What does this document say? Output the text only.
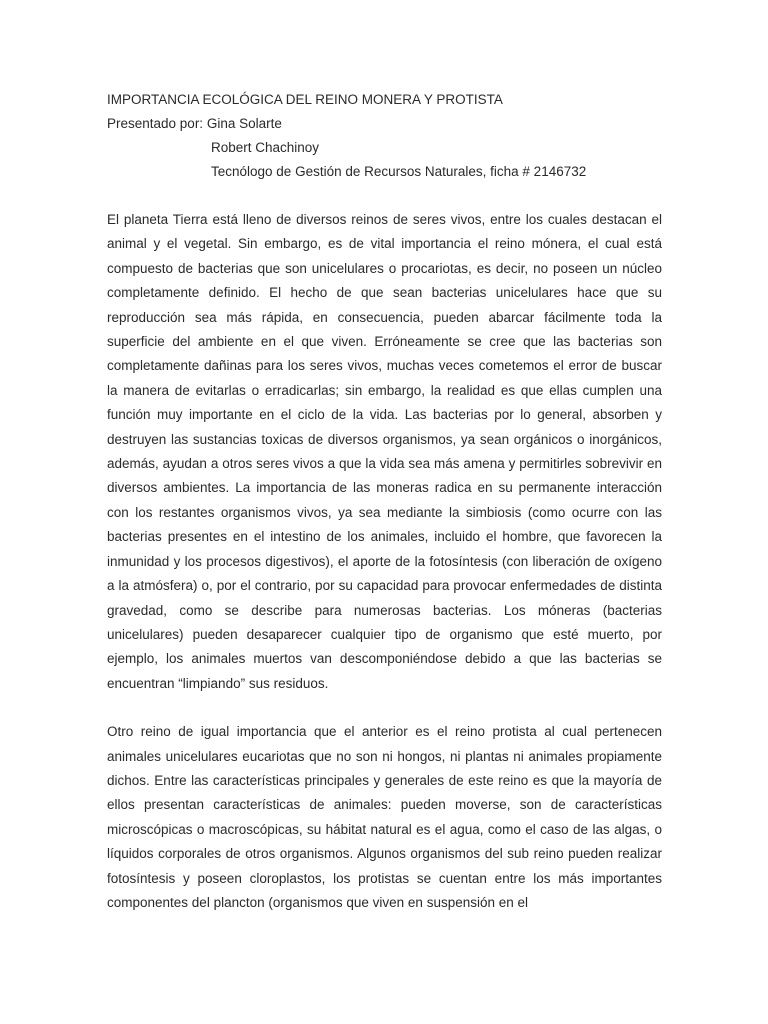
IMPORTANCIA ECOLÓGICA DEL REINO MONERA Y PROTISTA
Presentado por: Gina Solarte
Robert Chachinoy
Tecnólogo de Gestión de Recursos Naturales, ficha # 2146732

El planeta Tierra está lleno de diversos reinos de seres vivos, entre los cuales destacan el animal y el vegetal. Sin embargo, es de vital importancia el reino mónera, el cual está compuesto de bacterias que son unicelulares o procariotas, es decir, no poseen un núcleo completamente definido. El hecho de que sean bacterias unicelulares hace que su reproducción sea más rápida, en consecuencia, pueden abarcar fácilmente toda la superficie del ambiente en el que viven. Erróneamente se cree que las bacterias son completamente dañinas para los seres vivos, muchas veces cometemos el error de buscar la manera de evitarlas o erradicarlas; sin embargo, la realidad es que ellas cumplen una función muy importante en el ciclo de la vida. Las bacterias por lo general, absorben y destruyen las sustancias toxicas de diversos organismos, ya sean orgánicos o inorgánicos, además, ayudan a otros seres vivos a que la vida sea más amena y permitirles sobrevivir en diversos ambientes. La importancia de las moneras radica en su permanente interacción con los restantes organismos vivos, ya sea mediante la simbiosis (como ocurre con las bacterias presentes en el intestino de los animales, incluido el hombre, que favorecen la inmunidad y los procesos digestivos), el aporte de la fotosíntesis (con liberación de oxígeno a la atmósfera) o, por el contrario, por su capacidad para provocar enfermedades de distinta gravedad, como se describe para numerosas bacterias. Los móneras (bacterias unicelulares) pueden desaparecer cualquier tipo de organismo que esté muerto, por ejemplo, los animales muertos van descomponiéndose debido a que las bacterias se encuentran “limpiando” sus residuos.

Otro reino de igual importancia que el anterior es el reino protista al cual pertenecen animales unicelulares eucariotas que no son ni hongos, ni plantas ni animales propiamente dichos. Entre las características principales y generales de este reino es que la mayoría de ellos presentan características de animales: pueden moverse, son de características microscópicas o macroscópicas, su hábitat natural es el agua, como el caso de las algas, o líquidos corporales de otros organismos. Algunos organismos del sub reino pueden realizar fotosíntesis y poseen cloroplastos, los protistas se cuentan entre los más importantes componentes del plancton (organismos que viven en suspensión en el
